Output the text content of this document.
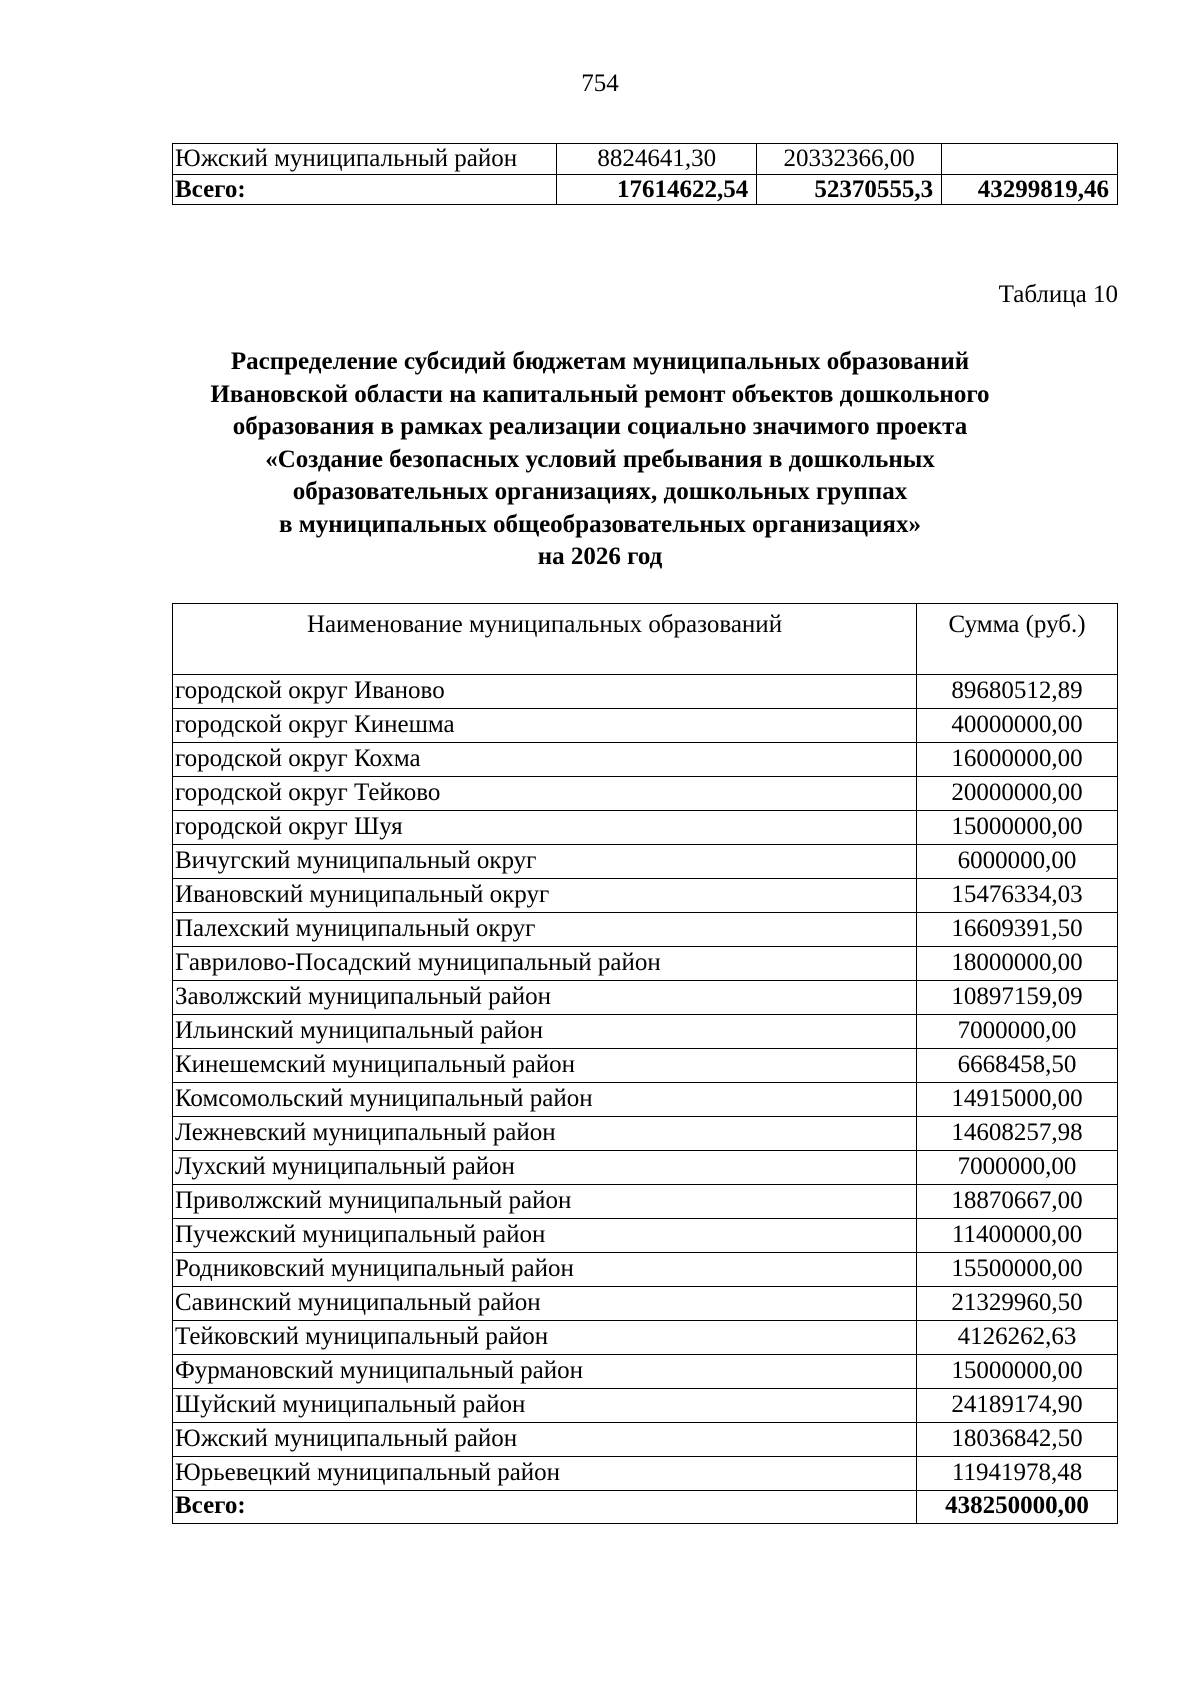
754
Южский муниципальный район	8824641,30	20332366,00	
Всего:	17614622,54	52370555,3	43299819,46
Таблица 10
Распределение субсидий бюджетам муниципальных образований
Ивановской области на капитальный ремонт объектов дошкольного
образования в рамках реализации социально значимого проекта
«Создание безопасных условий пребывания в дошкольных
образовательных организациях, дошкольных группах
в муниципальных общеобразовательных организациях»
на 2026 год
Наименование муниципальных образований	Сумма (руб.)
городской округ Иваново	89680512,89
городской округ Кинешма	40000000,00
городской округ Кохма	16000000,00
городской округ Тейково	20000000,00
городской округ Шуя	15000000,00
Вичугский муниципальный округ	6000000,00
Ивановский муниципальный округ	15476334,03
Палехский муниципальный округ	16609391,50
Гаврилово-Посадский муниципальный район	18000000,00
Заволжский муниципальный район	10897159,09
Ильинский муниципальный район	7000000,00
Кинешемский муниципальный район	6668458,50
Комсомольский муниципальный район	14915000,00
Лежневский муниципальный район	14608257,98
Лухский муниципальный район	7000000,00
Приволжский муниципальный район	18870667,00
Пучежский муниципальный район	11400000,00
Родниковский муниципальный район	15500000,00
Савинский муниципальный район	21329960,50
Тейковский муниципальный район	4126262,63
Фурмановский муниципальный район	15000000,00
Шуйский муниципальный район	24189174,90
Южский муниципальный район	18036842,50
Юрьевецкий муниципальный район	11941978,48
Всего:	438250000,00
